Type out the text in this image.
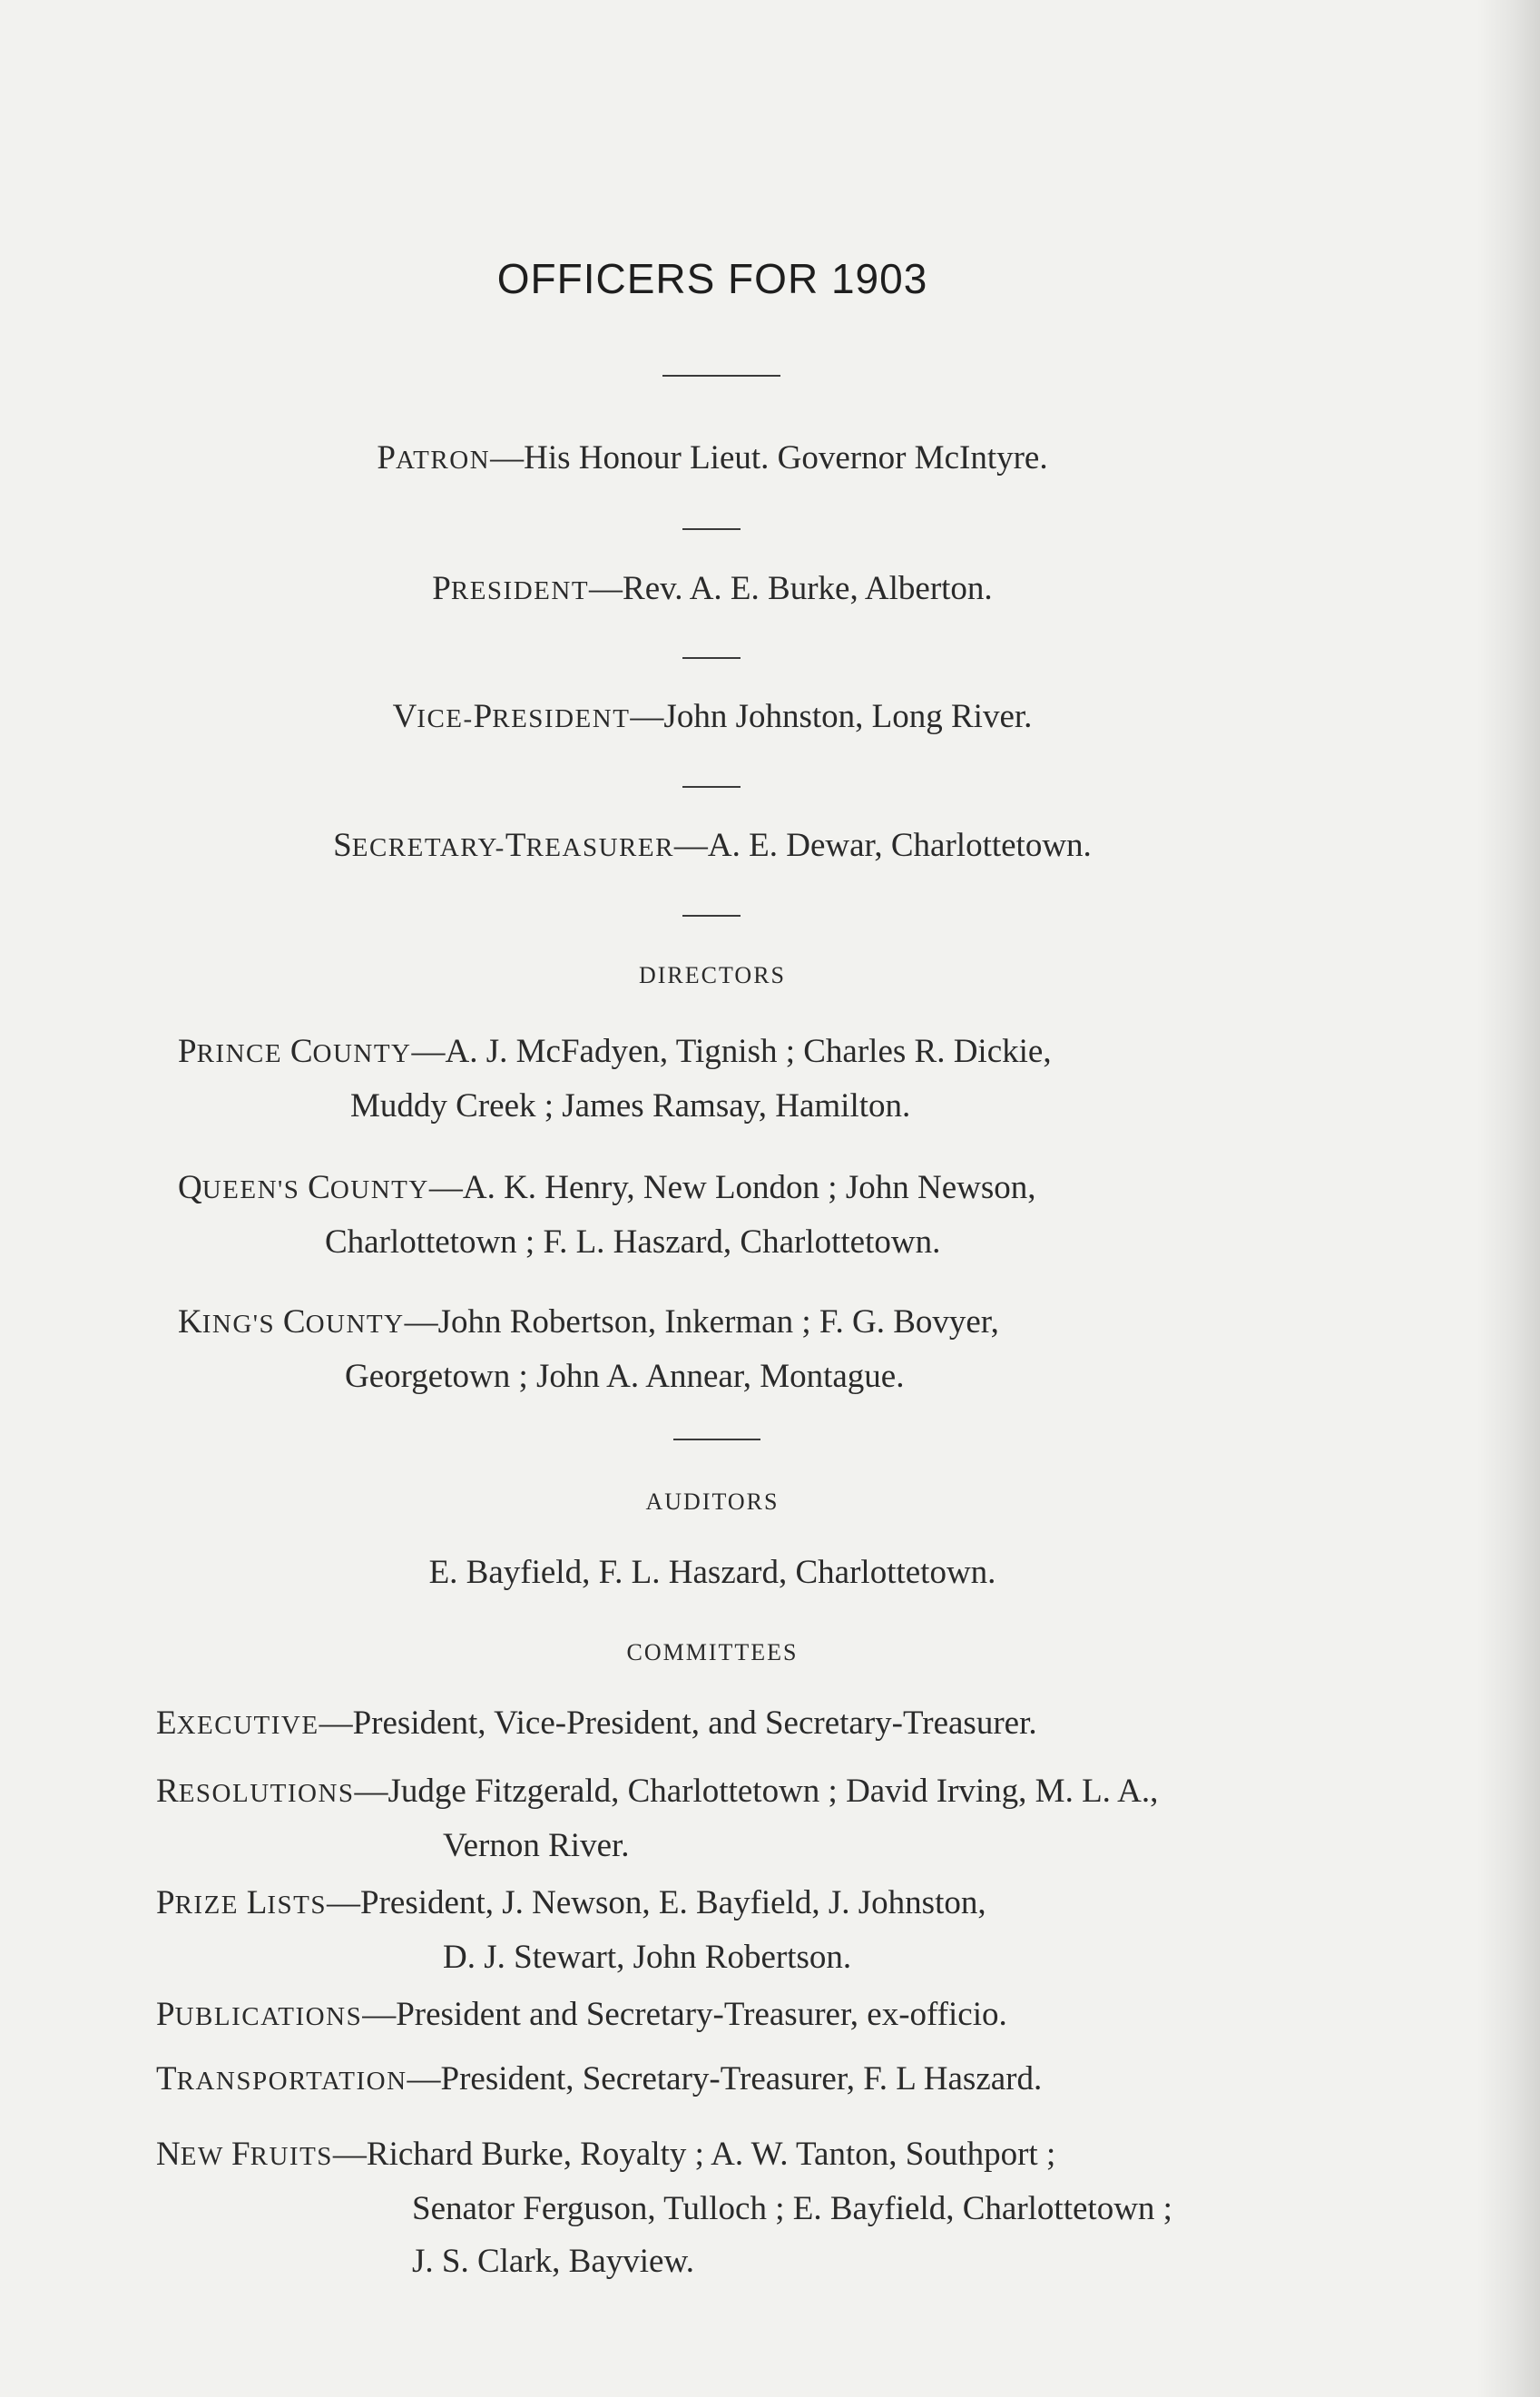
OFFICERS FOR 1903
PATRON—His Honour Lieut. Governor McIntyre.
PRESIDENT—Rev. A. E. Burke, Alberton.
VICE-PRESIDENT—John Johnston, Long River.
SECRETARY-TREASURER—A. E. Dewar, Charlottetown.
DIRECTORS
PRINCE COUNTY—A. J. McFadyen, Tignish ; Charles R. Dickie,
Muddy Creek ; James Ramsay, Hamilton.
QUEEN'S COUNTY—A. K. Henry, New London ; John Newson,
Charlottetown ; F. L. Haszard, Charlottetown.
KING'S COUNTY—John Robertson, Inkerman ; F. G. Bovyer,
Georgetown ; John A. Annear, Montague.
AUDITORS
E. Bayfield, F. L. Haszard, Charlottetown.
COMMITTEES
EXECUTIVE—President, Vice-President, and Secretary-Treasurer.
RESOLUTIONS—Judge Fitzgerald, Charlottetown ; David Irving, M. L. A.,
Vernon River.
PRIZE LISTS—President, J. Newson, E. Bayfield, J. Johnston,
D. J. Stewart, John Robertson.
PUBLICATIONS—President and Secretary-Treasurer, ex-officio.
TRANSPORTATION—President, Secretary-Treasurer, F. L Haszard.
NEW FRUITS—Richard Burke, Royalty ; A. W. Tanton, Southport ;
Senator Ferguson, Tulloch ; E. Bayfield, Charlottetown ;
J. S. Clark, Bayview.
